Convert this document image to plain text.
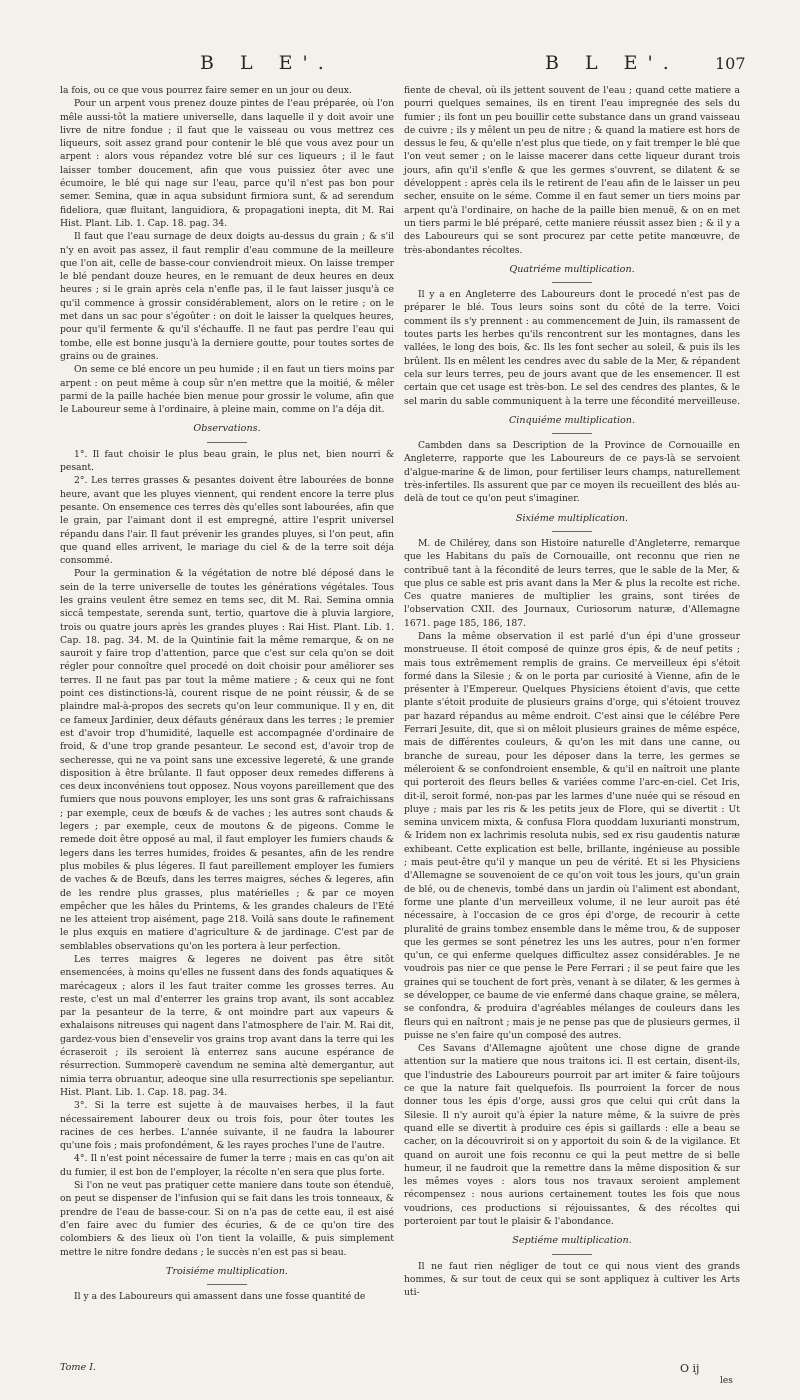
B L E'.	B L E'. 107

la fois, ou ce que vous pourrez faire semer en un jour ou deux.

Pour un arpent vous prenez douze pintes de l'eau préparée, où l'on mêle aussi-tôt la matiere universelle, dans laquelle il y doit avoir une livre de nitre fondue ; il faut que le vaisseau ou vous mettrez ces liqueurs, soit assez grand pour contenir le blé que vous avez pour un arpent : alors vous répandez votre blé sur ces liqueurs ; il le faut laisser tomber doucement, afin que vous puissiez ôter avec une écumoire, le blé qui nage sur l'eau, parce qu'il n'est pas bon pour semer. Semina, quæ in aqua subsidunt firmiora sunt, & ad serendum fideliora, quæ fluitant, languidiora, & propagationi inepta, dit M. Rai Hist. Plant. Lib. 1. Cap. 18. pag. 34.

Il faut que l'eau surnage de deux doigts au-dessus du grain ; & s'il n'y en avoit pas assez, il faut remplir d'eau commune de la meilleure que l'on ait, celle de basse-cour conviendroit mieux. On laisse tremper le blé pendant douze heures, en le remuant de deux heures en deux heures ; si le grain après cela n'enfle pas, il le faut laisser jusqu'à ce qu'il commence à grossir considérablement, alors on le retire ; on le met dans un sac pour s'égoûter : on doit le laisser la quelques heures, pour qu'il fermente & qu'il s'échauffe. Il ne faut pas perdre l'eau qui tombe, elle est bonne jusqu'à la derniere goutte, pour toutes sortes de grains ou de graines.

On seme ce blé encore un peu humide ; il en faut un tiers moins par arpent : on peut même à coup sûr n'en mettre que la moitié, & mêler parmi de la paille hachée bien menue pour grossir le volume, afin que le Laboureur seme à l'ordinaire, à pleine main, comme on l'a déja dit.

Observations.

1°. Il faut choisir le plus beau grain, le plus net, bien nourri & pesant.

2°. Les terres grasses & pesantes doivent être labourées de bonne heure, avant que les pluyes viennent, qui rendent encore la terre plus pesante. On ensemence ces terres dès qu'elles sont labourées, afin que le grain, par l'aimant dont il est empregné, attire l'esprit universel répandu dans l'air. Il faut prévenir les grandes pluyes, si l'on peut, afin que quand elles arrivent, le mariage du ciel & de la terre soit déja consommé.

Pour la germination & la végétation de notre blé déposé dans le sein de la terre universelle de toutes les générations végétales. Tous les grains veulent être semez en tems sec, dit M. Rai. Semina omnia siccâ tempestate, serenda sunt, tertio, quartove die à pluvia largiore, trois ou quatre jours après les grandes pluyes : Rai Hist. Plant. Lib. 1. Cap. 18. pag. 34. M. de la Quintinie fait la même remarque, & on ne sauroit y faire trop d'attention, parce que c'est sur cela qu'on se doit régler pour connoître quel procedé on doit choisir pour améliorer ses terres. Il ne faut pas par tout la même matiere ; & ceux qui ne font point ces distinctions-là, courent risque de ne point réussir, & de se plaindre mal-à-propos des secrets qu'on leur communique. Il y en, dit ce fameux Jardinier, deux défauts généraux dans les terres ; le premier est d'avoir trop d'humidité, laquelle est accompagnée d'ordinaire de froid, & d'une trop grande pesanteur. Le second est, d'avoir trop de secheresse, qui ne va point sans une excessive legereté, & une grande disposition à être brûlante. Il faut opposer deux remedes differens à ces deux inconvéniens tout opposez. Nous voyons pareillement que des fumiers que nous pouvons employer, les uns sont gras & rafraichissans ; par exemple, ceux de bœufs & de vaches ; les autres sont chauds & legers ; par exemple, ceux de moutons & de pigeons. Comme le remede doit être opposé au mal, il faut employer les fumiers chauds & legers dans les terres humides, froides & pesantes, afin de les rendre plus mobiles & plus légeres. Il faut pareillement employer les fumiers de vaches & de Bœufs, dans les terres maigres, séches & legeres, afin de les rendre plus grasses, plus matérielles ; & par ce moyen empêcher que les hâles du Printems, & les grandes chaleurs de l'Eté ne les atteient trop aisément, page 218. Voilà sans doute le rafinement le plus exquis en matiere d'agriculture & de jardinage. C'est par de semblables observations qu'on les portera à leur perfection.

Les terres maigres & legeres ne doivent pas être sitôt ensemencées, à moins qu'elles ne fussent dans des fonds aquatiques & marécageux ; alors il les faut traiter comme les grosses terres. Au reste, c'est un mal d'enterrer les grains trop avant, ils sont accablez par la pesanteur de la terre, & ont moindre part aux vapeurs & exhalaisons nitreuses qui nagent dans l'atmosphere de l'air. M. Rai dit, gardez-vous bien d'ensevelir vos grains trop avant dans la terre qui les écraseroit ; ils seroient là enterrez sans aucune espérance de résurrection. Summoperè cavendum ne semina altè demergantur, aut nimia terra obruantur, adeoque sine ulla resurrectionis spe sepeliantur. Hist. Plant. Lib. 1. Cap. 18. pag. 34.

3°. Si la terre est sujette à de mauvaises herbes, il la faut nécessairement labourer deux ou trois fois, pour ôter toutes les racines de ces herbes. L'année suivante, il ne faudra la labourer qu'une fois ; mais profondément, & les rayes proches l'une de l'autre.

4°. Il n'est point nécessaire de fumer la terre ; mais en cas qu'on ait du fumier, il est bon de l'employer, la récolte n'en sera que plus forte.

Si l'on ne veut pas pratiquer cette maniere dans toute son étenduë, on peut se dispenser de l'infusion qui se fait dans les trois tonneaux, & prendre de l'eau de basse-cour. Si on n'a pas de cette eau, il est aisé d'en faire avec du fumier des écuries, & de ce qu'on tire des colombiers & des lieux où l'on tient la volaille, & puis simplement mettre le nitre fondre dedans ; le succès n'en est pas si beau.

Troisiéme multiplication.

Il y a des Laboureurs qui amassent dans une fosse quantité de

fiente de cheval, où ils jettent souvent de l'eau ; quand cette matiere a pourri quelques semaines, ils en tirent l'eau impregnée des sels du fumier ; ils font un peu bouillir cette substance dans un grand vaisseau de cuivre ; ils y mêlent un peu de nitre ; & quand la matiere est hors de dessus le feu, & qu'elle n'est plus que tiede, on y fait tremper le blé que l'on veut semer ; on le laisse macerer dans cette liqueur durant trois jours, afin qu'il s'enfle & que les germes s'ouvrent, se dilatent & se développent : après cela ils le retirent de l'eau afin de le laisser un peu secher, ensuite on le séme. Comme il en faut semer un tiers moins par arpent qu'à l'ordinaire, on hache de la paille bien menuë, & on en met un tiers parmi le blé préparé, cette maniere réussit assez bien ; & il y a des Laboureurs qui se sont procurez par cette petite manœuvre, de très-abondantes récoltes.

Quatriéme multiplication.

Il y a en Angleterre des Laboureurs dont le procedé n'est pas de préparer le blé. Tous leurs soins sont du côté de la terre. Voici comment ils s'y prennent : au commencement de Juin, ils ramassent de toutes parts les herbes qu'ils rencontrent sur les montagnes, dans les vallées, le long des bois, &c. Ils les font secher au soleil, & puis ils les brûlent. Ils en mêlent les cendres avec du sable de la Mer, & répandent cela sur leurs terres, peu de jours avant que de les ensemencer. Il est certain que cet usage est très-bon. Le sel des cendres des plantes, & le sel marin du sable communiquent à la terre une fécondité merveilleuse.

Cinquiéme multiplication.

Cambden dans sa Description de la Province de Cornouaille en Angleterre, rapporte que les Laboureurs de ce pays-là se servoient d'algue-marine & de limon, pour fertiliser leurs champs, naturellement très-infertiles. Ils assurent que par ce moyen ils recueillent des blés au-delà de tout ce qu'on peut s'imaginer.

Sixiéme multiplication.

M. de Chilérey, dans son Histoire naturelle d'Angleterre, remarque que les Habitans du païs de Cornouaille, ont reconnu que rien ne contribuë tant à la fécondité de leurs terres, que le sable de la Mer, & que plus ce sable est pris avant dans la Mer & plus la recolte est riche. Ces quatre manieres de multiplier les grains, sont tirées de l'observation CXII. des Journaux, Curiosorum naturæ, d'Allemagne 1671. page 185, 186, 187.

Dans la même observation il est parlé d'un épi d'une grosseur monstrueuse. Il étoit composé de quinze gros épis, & de neuf petits ; mais tous extrêmement remplis de grains. Ce merveilleux épi s'étoit formé dans la Silesie ; & on le porta par curiosité à Vienne, afin de le présenter à l'Empereur. Quelques Physiciens étoient d'avis, que cette plante s'étoit produite de plusieurs grains d'orge, qui s'étoient trouvez par hazard répandus au même endroit. C'est ainsi que le célébre Pere Ferrari Jesuite, dit, que si on mêloit plusieurs graines de même espéce, mais de différentes couleurs, & qu'on les mit dans une canne, ou branche de sureau, pour les déposer dans la terre, les germes se méleroient & se confondroient ensemble, & qu'il en naîtroit une plante qui porteroit des fleurs belles & variées comme l'arc-en-ciel. Cet Iris, dit-il, seroit formé, non-pas par les larmes d'une nuée qui se résoud en pluye ; mais par les ris & les petits jeux de Flore, qui se divertit : Ut semina unvicem mixta, & confusa Flora quoddam luxurianti monstrum, & Iridem non ex lachrimis resoluta nubis, sed ex risu gaudentis naturæ exhibeant. Cette explication est belle, brillante, ingénieuse au possible ; mais peut-être qu'il y manque un peu de vérité. Et si les Physiciens d'Allemagne se souvenoient de ce qu'on voit tous les jours, qu'un grain de blé, ou de chenevis, tombé dans un jardin où l'aliment est abondant, forme une plante d'un merveilleux volume, il ne leur auroit pas été nécessaire, à l'occasion de ce gros épi d'orge, de recourir à cette pluralité de grains tombez ensemble dans le même trou, & de supposer que les germes se sont pénetrez les uns les autres, pour n'en former qu'un, ce qui enferme quelques difficultez assez considérables. Je ne voudrois pas nier ce que pense le Pere Ferrari ; il se peut faire que les graines qui se touchent de fort près, venant à se dilater, & les germes à se développer, ce baume de vie enfermé dans chaque graine, se mêlera, se confondra, & produira d'agréables mélanges de couleurs dans les fleurs qui en naîtront ; mais je ne pense pas que de plusieurs germes, il puisse ne s'en faire qu'un composé des autres.

Ces Savans d'Allemagne ajoûtent une chose digne de grande attention sur la matiere que nous traitons ici. Il est certain, disent-ils, que l'industrie des Laboureurs pourroit par art imiter & faire toûjours ce que la nature fait quelquefois. Ils pourroient la forcer de nous donner tous les épis d'orge, aussi gros que celui qui crût dans la Silesie. Il n'y auroit qu'à épier la nature même, & la suivre de près quand elle se divertit à produire ces épis si gaillards : elle a beau se cacher, on la découvriroit si on y apportoit du soin & de la vigilance. Et quand on auroit une fois reconnu ce qui la peut mettre de si belle humeur, il ne faudroit que la remettre dans la même disposition & sur les mêmes voyes : alors tous nos travaux seroient amplement récompensez : nous aurions certainement toutes les fois que nous voudrions, ces productions si réjouissantes, & des récoltes qui porteroient par tout le plaisir & l'abondance.

Septiéme multiplication.

Il ne faut rien négliger de tout ce qui nous vient des grands hommes, & sur tout de ceux qui se sont appliquez à cultiver les Arts uti-

Tome I.	O ij
les
